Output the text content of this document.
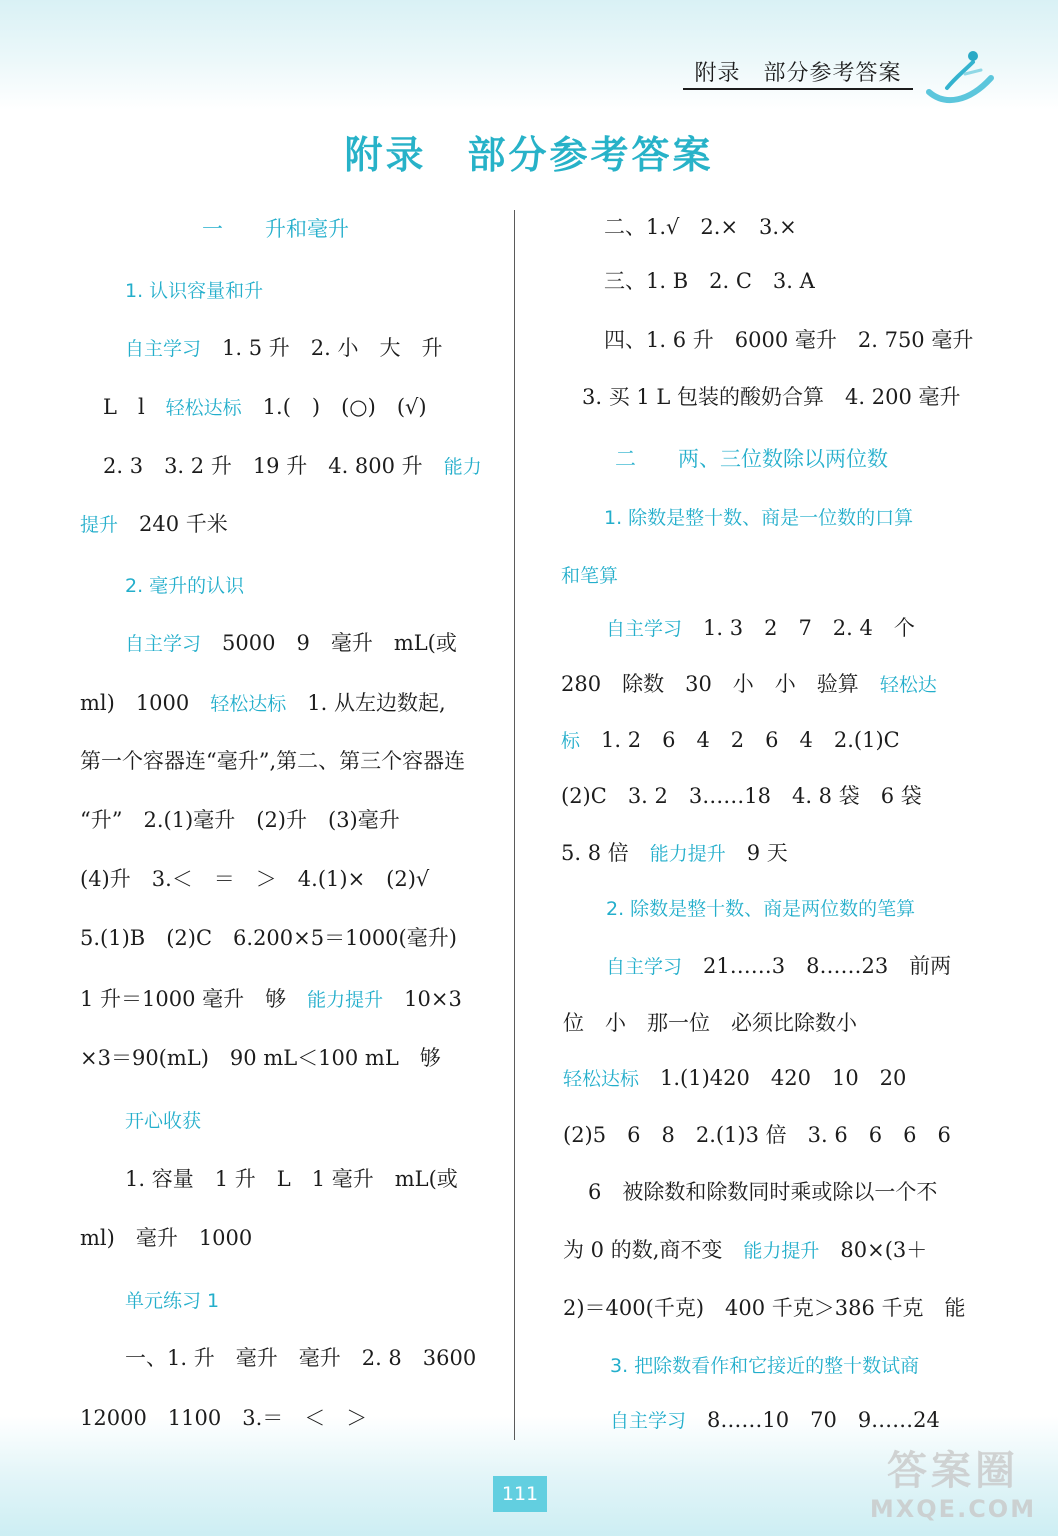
附录　部分参考答案
附录　部分参考答案
一　　升和毫升
1. 认识容量和升
自主学习　1. 5 升　2. 小　大　升
L　l　轻松达标　1.(　)　(○)　(√)
2. 3　3. 2 升　19 升　4. 800 升　能力
提升　240 千米
2. 毫升的认识
自主学习　5000　9　毫升　mL(或
ml)　1000　轻松达标　1. 从左边数起,
第一个容器连“毫升”,第二、第三个容器连
“升”　2.(1)毫升　(2)升　(3)毫升
(4)升　3.＜　＝　＞　4.(1)×　(2)√
5.(1)B　(2)C　6.200×5＝1000(毫升)
1 升＝1000 毫升　够　能力提升　10×3
×3＝90(mL)　90 mL＜100 mL　够
开心收获
1. 容量　1 升　L　1 毫升　mL(或
ml)　毫升　1000
单元练习 1
一、1. 升　毫升　毫升　2. 8　3600
12000　1100　3.＝　＜　＞
二、1.√　2.×　3.×
三、1. B　2. C　3. A
四、1. 6 升　6000 毫升　2. 750 毫升
3. 买 1 L 包装的酸奶合算　4. 200 毫升
二　　两、三位数除以两位数
1. 除数是整十数、商是一位数的口算
和笔算
自主学习　1. 3　2　7　2. 4　个
280　除数　30　小　小　验算　轻松达
标　1. 2　6　4　2　6　4　2.(1)C
(2)C　3. 2　3……18　4. 8 袋　6 袋
5. 8 倍　能力提升　9 天
2. 除数是整十数、商是两位数的笔算
自主学习　21……3　8……23　前两
位　小　那一位　必须比除数小
轻松达标　1.(1)420　420　10　20
(2)5　6　8　2.(1)3 倍　3. 6　6　6　6
6　被除数和除数同时乘或除以一个不
为 0 的数,商不变　能力提升　80×(3＋
2)＝400(千克)　400 千克＞386 千克　能
3. 把除数看作和它接近的整十数试商
自主学习　8……10　70　9……24
111	答案圈
MXQE.COM
